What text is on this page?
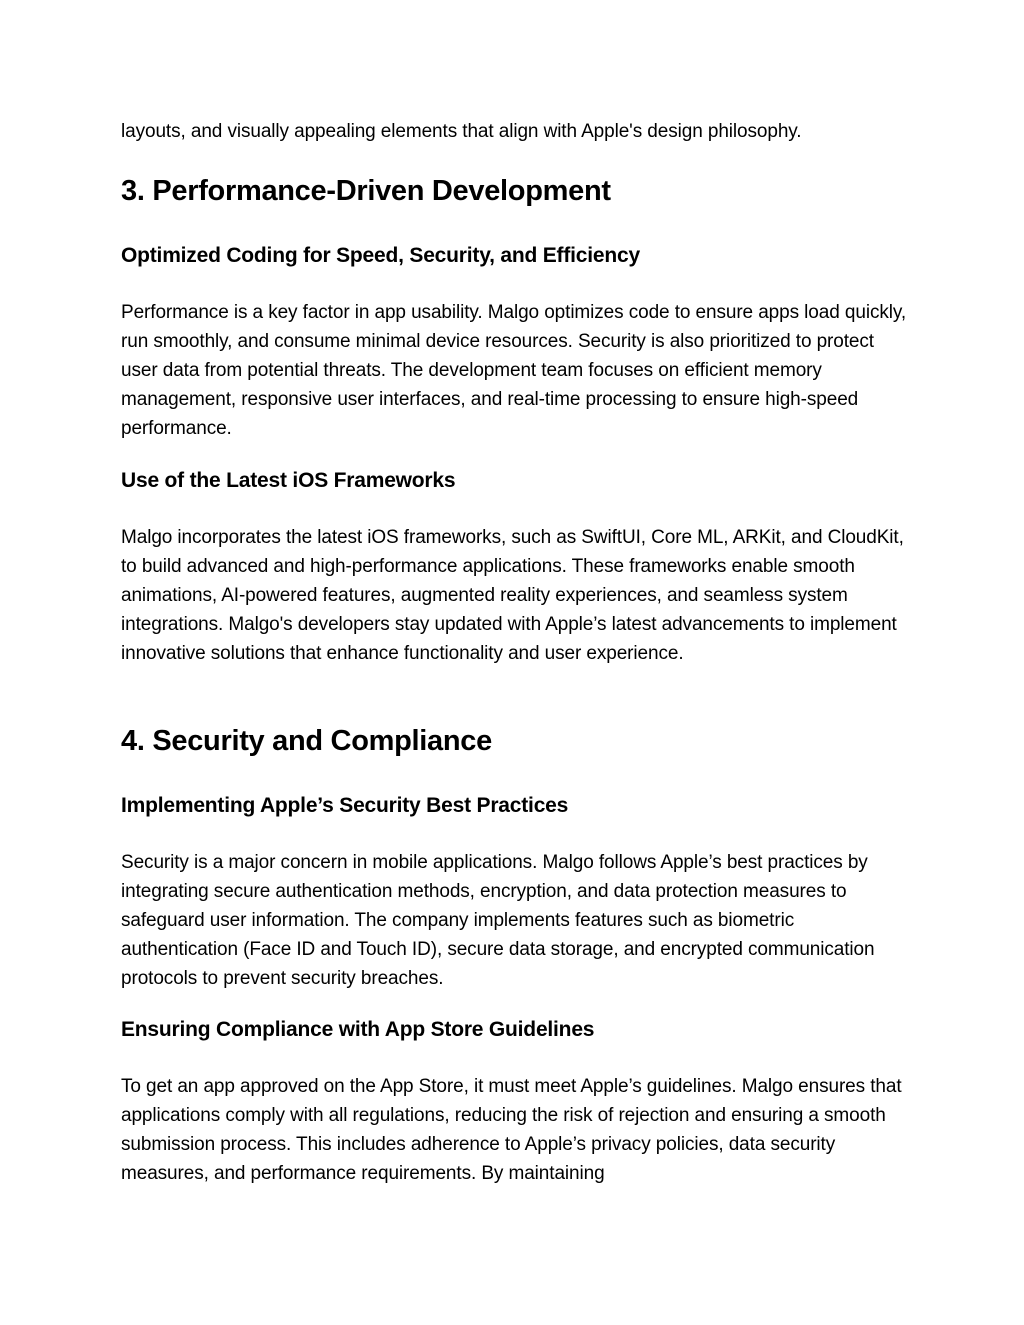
layouts, and visually appealing elements that align with Apple's design philosophy.

3. Performance-Driven Development
Optimized Coding for Speed, Security, and Efficiency

Performance is a key factor in app usability. Malgo optimizes code to ensure apps load quickly, run smoothly, and consume minimal device resources. Security is also prioritized to protect user data from potential threats. The development team focuses on efficient memory management, responsive user interfaces, and real-time processing to ensure high-speed performance.

Use of the Latest iOS Frameworks

Malgo incorporates the latest iOS frameworks, such as SwiftUI, Core ML, ARKit, and CloudKit, to build advanced and high-performance applications. These frameworks enable smooth animations, AI-powered features, augmented reality experiences, and seamless system integrations. Malgo's developers stay updated with Apple’s latest advancements to implement innovative solutions that enhance functionality and user experience.

4. Security and Compliance
Implementing Apple’s Security Best Practices

Security is a major concern in mobile applications. Malgo follows Apple’s best practices by integrating secure authentication methods, encryption, and data protection measures to safeguard user information. The company implements features such as biometric authentication (Face ID and Touch ID), secure data storage, and encrypted communication protocols to prevent security breaches.

Ensuring Compliance with App Store Guidelines

To get an app approved on the App Store, it must meet Apple’s guidelines. Malgo ensures that applications comply with all regulations, reducing the risk of rejection and ensuring a smooth submission process. This includes adherence to Apple’s privacy policies, data security measures, and performance requirements. By maintaining
